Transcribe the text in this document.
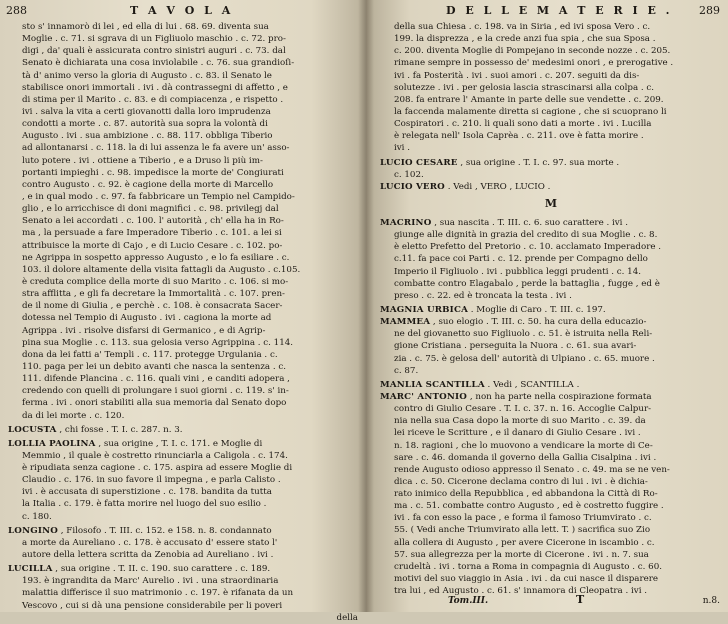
288	T A V O L A
sto s' innamorò di lei , ed ella di lui . 68. 69. diventa sua
Moglie . c. 71. si sgrava di un Figliuolo maschio . c. 72. pro-
digi , da' quali è assicurata contro sinistri auguri . c. 73. dal
Senato è dichiarata una cosa inviolabile . c. 76. sua grandioſi-
tà d' animo verso la gloria di Augusto . c. 83. il Senato le
stabilisce onori immortali . ivi . dà contrassegni di affetto , e
di stima per il Marito . c. 83. e di compiacenza , e rispetto .
ivi . salva la vita a certi giovanotti dalla loro imprudenza
condotti a morte . c. 87. autorità sua sopra la volontà di
Augusto . ivi . sua ambizione . c. 88. 117. obbliga Tiberio
ad allontanarsi . c. 118. la di lui assenza le fa avere un' asso-
luto potere . ivi . ottiene a Tiberio , e a Druso li più im-
portanti impieghi . c. 98. impedisce la morte de' Congiurati
contro Augusto . c. 92. è cagione della morte di Marcello
, e in qual modo . c. 97. fa fabbricare un Tempio nel Campido-
glio , e lo arricchisce di doni magnifici . c. 98. privilegj dal
Senato a lei accordati . c. 100. l' autorità , ch' ella ha in Ro-
ma , la persuade a fare Imperadore Tiberio . c. 101. a lei si
attribuisce la morte di Cajo , e di Lucio Cesare . c. 102. po-
ne Agrippa in sospetto appresso Augusto , e lo fa esiliare . c.
103. il dolore altamente della visita fattagli da Augusto . c.105.
è creduta complice della morte di suo Marito . c. 106. si mo-
stra afflitta , e gli fa decretare la Immortalità . c. 107. pren-
de il nome di Giulia , e perchè . c. 108. è consacrata Sacer-
dotessa nel Tempio di Augusto . ivi . cagiona la morte ad
Agrippa . ivi . risolve disfarsi di Germanico , e di Agrip-
pina sua Moglie . c. 113. sua gelosia verso Agrippina . c. 114.
dona da lei fatti a' Templi . c. 117. protegge Urgulania . c.
110. paga per lei un debito avanti che nasca la sentenza . c.
111. difende Plancina . c. 116. quali vini , e canditi adopera ,
credendo con quelli di prolungare i suoi giorni . c. 119. s' in-
ferma . ivi . onori stabiliti alla sua memoria dal Senato dopo
da di lei morte . c. 120.
LOCUSTA , chi fosse . T. I. c. 287. n. 3.
LOLLIA PAOLINA , sua origine , T. I. c. 171. e Moglie di
Memmio , il quale è costretto rinunciarla a Caligola . c. 174.
è ripudiata senza cagione . c. 175. aspira ad essere Moglie di
Claudio . c. 176. in suo favore il impegna , e parla Calisto .
ivi . è accusata di superstizione . c. 178. bandita da tutta
la Italia . c. 179. è fatta morire nel luogo del suo esilio .
c. 180.
LONGINO , Filosofo . T. III. c. 152. e 158. n. 8. condannato
a morte da Aureliano . c. 178. è accusato d' essere stato l'
autore della lettera scritta da Zenobia ad Aureliano . ivi .
LUCILLA , sua origine . T. II. c. 190. suo carattere . c. 189.
193. è ingrandita da Marc' Aurelio . ivi . una straordinaria
malattia differisce il suo matrimonio . c. 197. è rifanata da un
Vescovo , cui si dà una pensione considerabile per li poveri
della
D E L L E M A T E R I E . 289
della sua Chiesa . c. 198. va in Siria , ed ivi sposa Vero . c.
199. la disprezza , e la crede anzi fua spia , che sua Sposa .
c. 200. diventa Moglie di Pompejano in seconde nozze . c. 205.
rimane sempre in possesso de' medesimi onori , e prerogative .
ivi . fa Posterità . ivi . suoi amori . c. 207. seguiti da dis-
solutezze . ivi . per gelosia lascia strascinarsi alla colpa . c.
208. fa entrare l' Amante in parte delle sue vendette . c. 209.
la faccenda malamente diretta si cagione , che si scuoprano li
Cospiratori . c. 210. li quali sono dati a morte . ivi . Lucilla
è relegata nell' Isola Caprèa . c. 211. ove è fatta morire .
ivi .
LUCIO CESARE , sua origine . T. I. c. 97. sua morte .
c. 102.
LUCIO VERO . Vedi , VERO , LUCIO .
M
MACRINO , sua nascita . T. III. c. 6. suo carattere . ivi .
giunge alle dignità in grazia del credito di sua Moglie . c. 8.
è eletto Prefetto del Pretorio . c. 10. acclamato Imperadore .
c.11. fa pace coi Parti . c. 12. prende per Compagno dello
Imperio il Figliuolo . ivi . pubblica leggi prudenti . c. 14.
combatte contro Elagabalo , perde la battaglia , fugge , ed è
preso . c. 22. ed è troncata la testa . ivi .
MAGNIA URBICA . Moglie di Caro . T. III. c. 197.
MAMMEA , suo elogio . T. III. c. 50. ha cura della educazio-
ne del giovanetto suo Figliuolo . c. 51. è istruita nella Reli-
gione Cristiana . perseguita la Nuora . c. 61. sua avari-
zia . c. 75. è gelosa dell' autorità di Ulpiano . c. 65. muore .
c. 87.
MANLIA SCANTILLA . Vedi , SCANTILLA .
MARC' ANTONIO , non ha parte nella cospirazione formata
contro di Giulio Cesare . T. I. c. 37. n. 16. Accoglie Calpur-
nia nella sua Casa dopo la morte di suo Marito . c. 39. da
lei riceve le Scritture , e il danaro di Giulio Cesare . ivi .
n. 18. ragioni , che lo muovono a vendicare la morte di Ce-
sare . c. 46. domanda il governo della Gallia Cisalpina . ivi .
rende Augusto odioso appresso il Senato . c. 49. ma se ne ven-
dica . c. 50. Cicerone declama contro di lui . ivi . è dichia-
rato inimico della Repubblica , ed abbandona la Città di Ro-
ma . c. 51. combatte contro Augusto , ed è costretto fuggire .
ivi . fa con esso la pace , e forma il famoso Triumvirato . c.
55. ( Vedi anche Triumvirato alla lett. T. ) sacrifica suo Zio
alla collera di Augusto , per avere Cicerone in iscambio . c.
57. sua allegrezza per la morte di Cicerone . ivi . n. 7. sua
crudeltà . ivi . torna a Roma in compagnia di Augusto . c. 60.
motivi del suo viaggio in Asia . ivi . da cui nasce il disparere
tra lui , ed Augusto . c. 61. s' innamora di Cleopatra . ivi .
Tom.III.	T	n.8.
